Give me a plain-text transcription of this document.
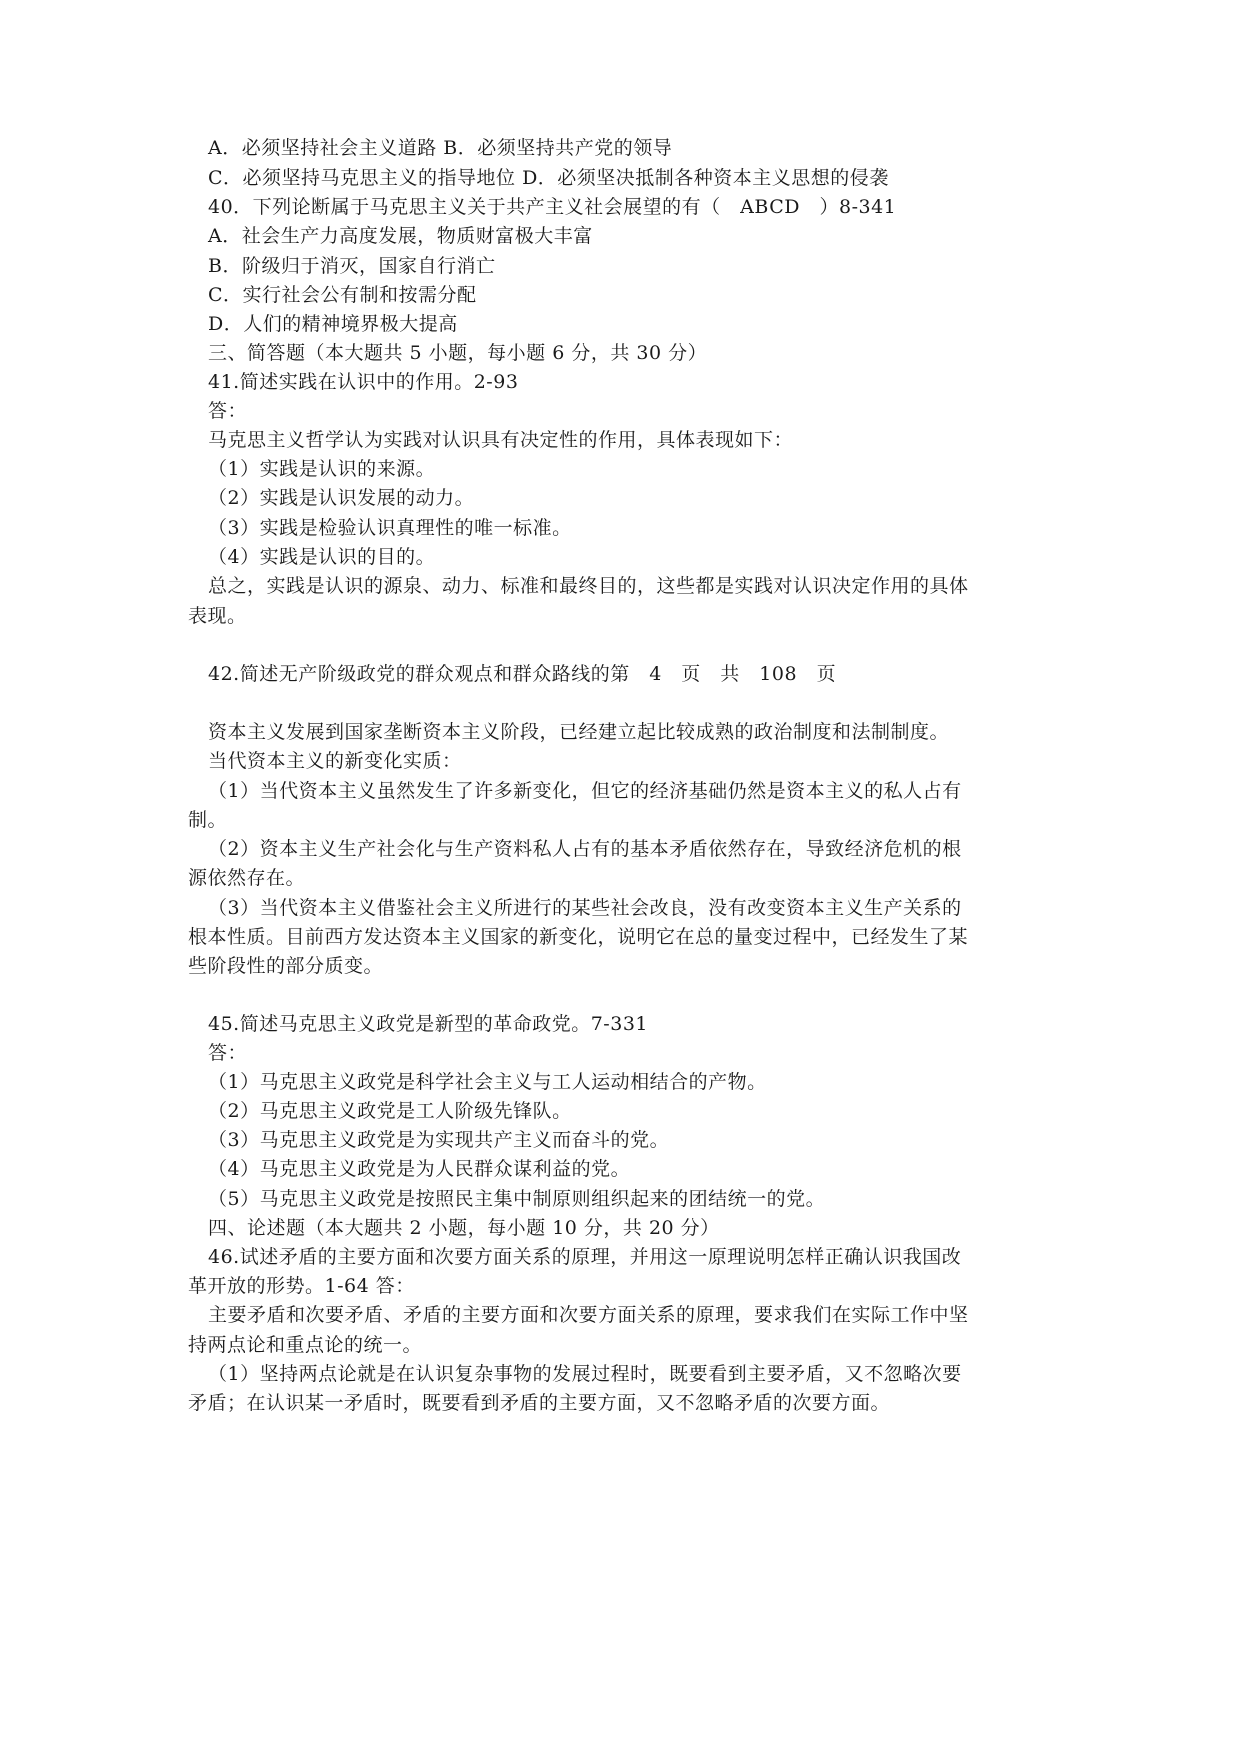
A．必须坚持社会主义道路 B．必须坚持共产党的领导
C．必须坚持马克思主义的指导地位 D．必须坚决抵制各种资本主义思想的侵袭
40．下列论断属于马克思主义关于共产主义社会展望的有（　ABCD　）8-341
A．社会生产力高度发展，物质财富极大丰富
B．阶级归于消灭，国家自行消亡
C．实行社会公有制和按需分配
D．人们的精神境界极大提高
三、简答题（本大题共 5 小题，每小题 6 分，共 30 分）
41.简述实践在认识中的作用。2-93
答：
马克思主义哲学认为实践对认识具有决定性的作用，具体表现如下：
（1）实践是认识的来源。
（2）实践是认识发展的动力。
（3）实践是检验认识真理性的唯一标准。
（4）实践是认识的目的。
总之，实践是认识的源泉、动力、标准和最终目的，这些都是实践对认识决定作用的具体
表现。
42.简述无产阶级政党的群众观点和群众路线的第　4　页　共　108　页
资本主义发展到国家垄断资本主义阶段，已经建立起比较成熟的政治制度和法制制度。
当代资本主义的新变化实质：
（1）当代资本主义虽然发生了许多新变化，但它的经济基础仍然是资本主义的私人占有
制。
（2）资本主义生产社会化与生产资料私人占有的基本矛盾依然存在，导致经济危机的根
源依然存在。
（3）当代资本主义借鉴社会主义所进行的某些社会改良，没有改变资本主义生产关系的
根本性质。目前西方发达资本主义国家的新变化，说明它在总的量变过程中，已经发生了某
些阶段性的部分质变。
45.简述马克思主义政党是新型的革命政党。7-331
答：
（1）马克思主义政党是科学社会主义与工人运动相结合的产物。
（2）马克思主义政党是工人阶级先锋队。
（3）马克思主义政党是为实现共产主义而奋斗的党。
（4）马克思主义政党是为人民群众谋利益的党。
（5）马克思主义政党是按照民主集中制原则组织起来的团结统一的党。
四、论述题（本大题共 2 小题，每小题 10 分，共 20 分）
46.试述矛盾的主要方面和次要方面关系的原理，并用这一原理说明怎样正确认识我国改
革开放的形势。1-64 答：
主要矛盾和次要矛盾、矛盾的主要方面和次要方面关系的原理，要求我们在实际工作中坚
持两点论和重点论的统一。
（1）坚持两点论就是在认识复杂事物的发展过程时，既要看到主要矛盾，又不忽略次要
矛盾；在认识某一矛盾时，既要看到矛盾的主要方面，又不忽略矛盾的次要方面。
